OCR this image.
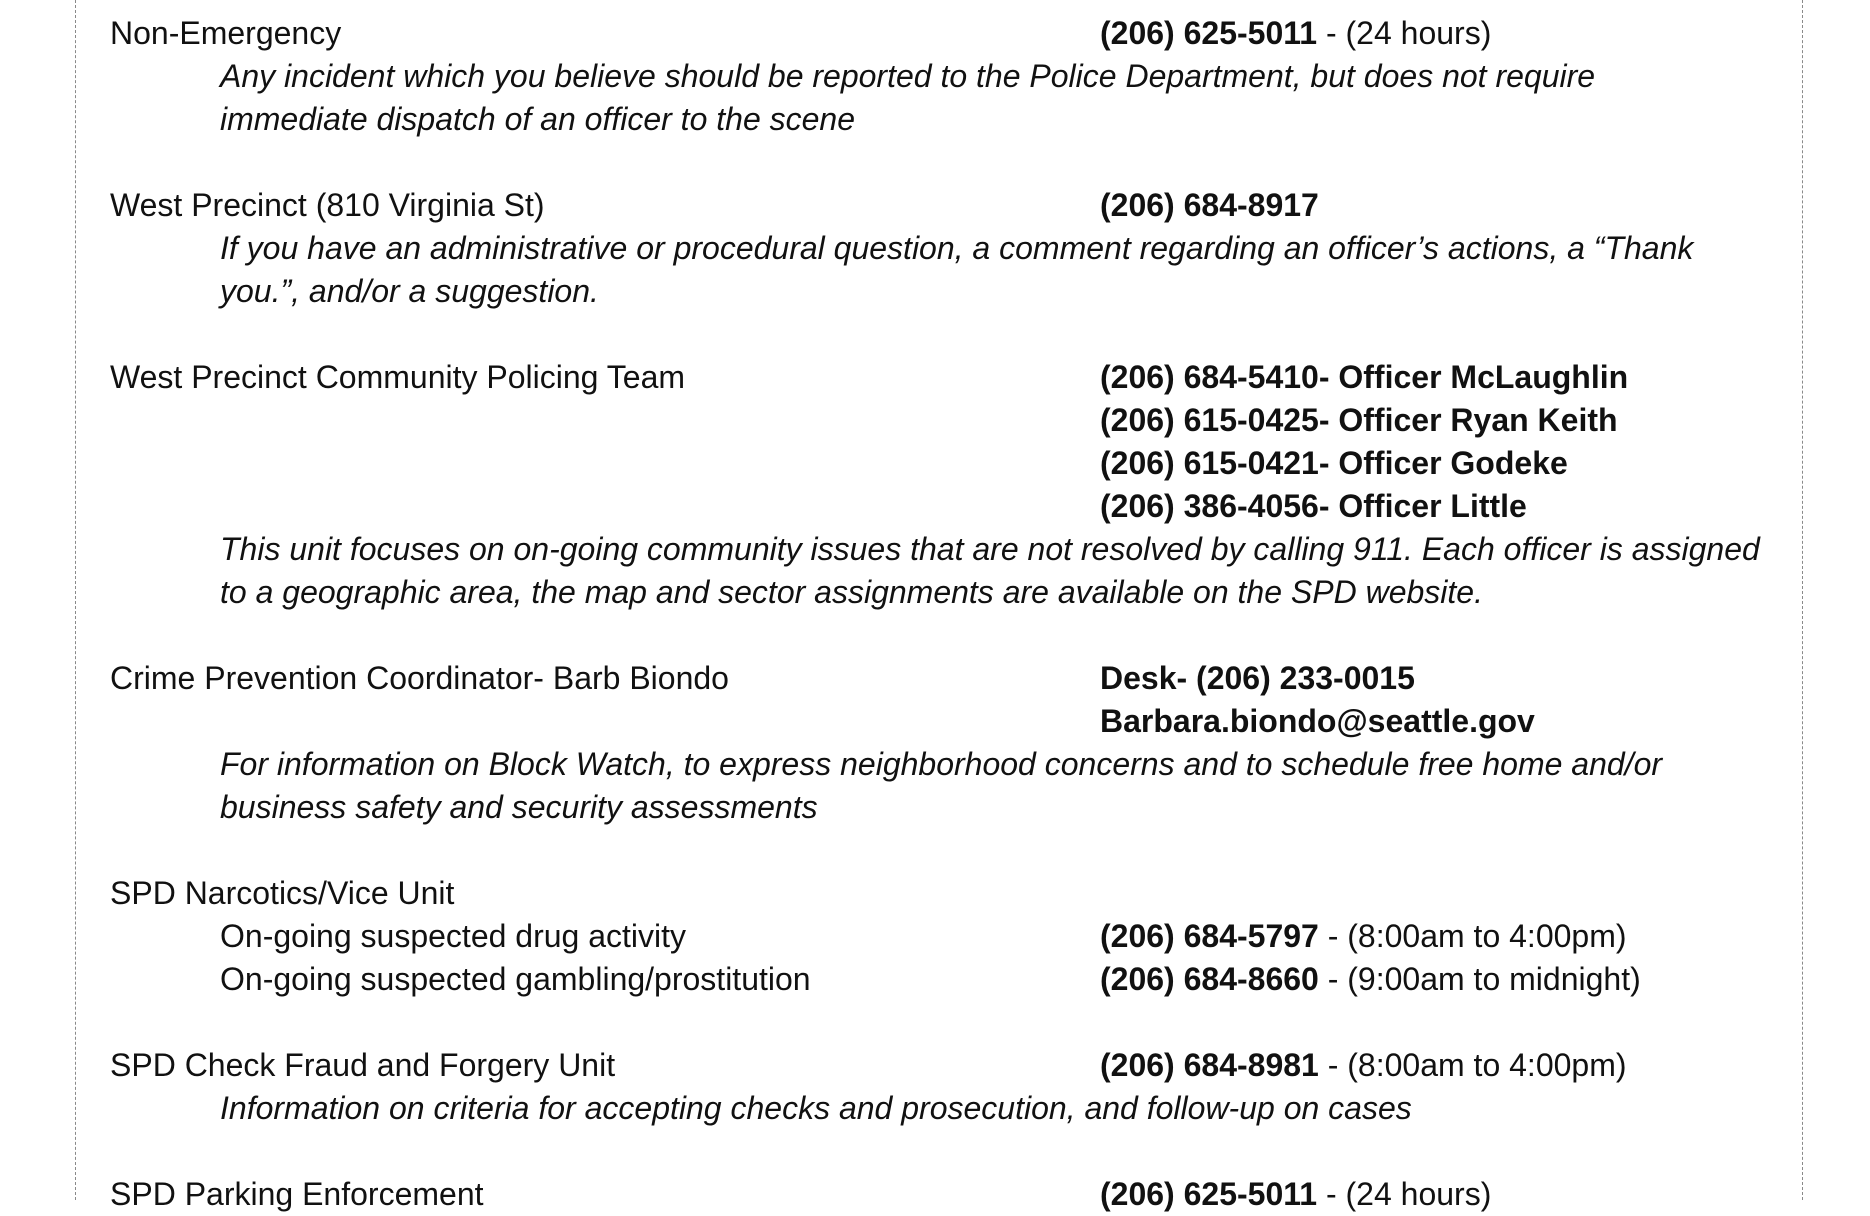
Non-Emergency	(206) 625-5011 - (24 hours)
Any incident which you believe should be reported to the Police Department, but does not require
immediate dispatch of an officer to the scene
West Precinct (810 Virginia St)	(206) 684-8917
If you have an administrative or procedural question, a comment regarding an officer’s actions, a “Thank
you.”, and/or a suggestion.
West Precinct Community Policing Team	(206) 684-5410- Officer McLaughlin
(206) 615-0425- Officer Ryan Keith
(206) 615-0421- Officer Godeke
(206) 386-4056- Officer Little
This unit focuses on on-going community issues that are not resolved by calling 911. Each officer is assigned
to a geographic area, the map and sector assignments are available on the SPD website.
Crime Prevention Coordinator- Barb Biondo	Desk- (206) 233-0015
Barbara.biondo@seattle.gov
For information on Block Watch, to express neighborhood concerns and to schedule free home and/or
business safety and security assessments
SPD Narcotics/Vice Unit
On-going suspected drug activity	(206) 684-5797 - (8:00am to 4:00pm)
On-going suspected gambling/prostitution	(206) 684-8660 - (9:00am to midnight)
SPD Check Fraud and Forgery Unit	(206) 684-8981 - (8:00am to 4:00pm)
Information on criteria for accepting checks and prosecution, and follow-up on cases
SPD Parking Enforcement	(206) 625-5011 - (24 hours)
